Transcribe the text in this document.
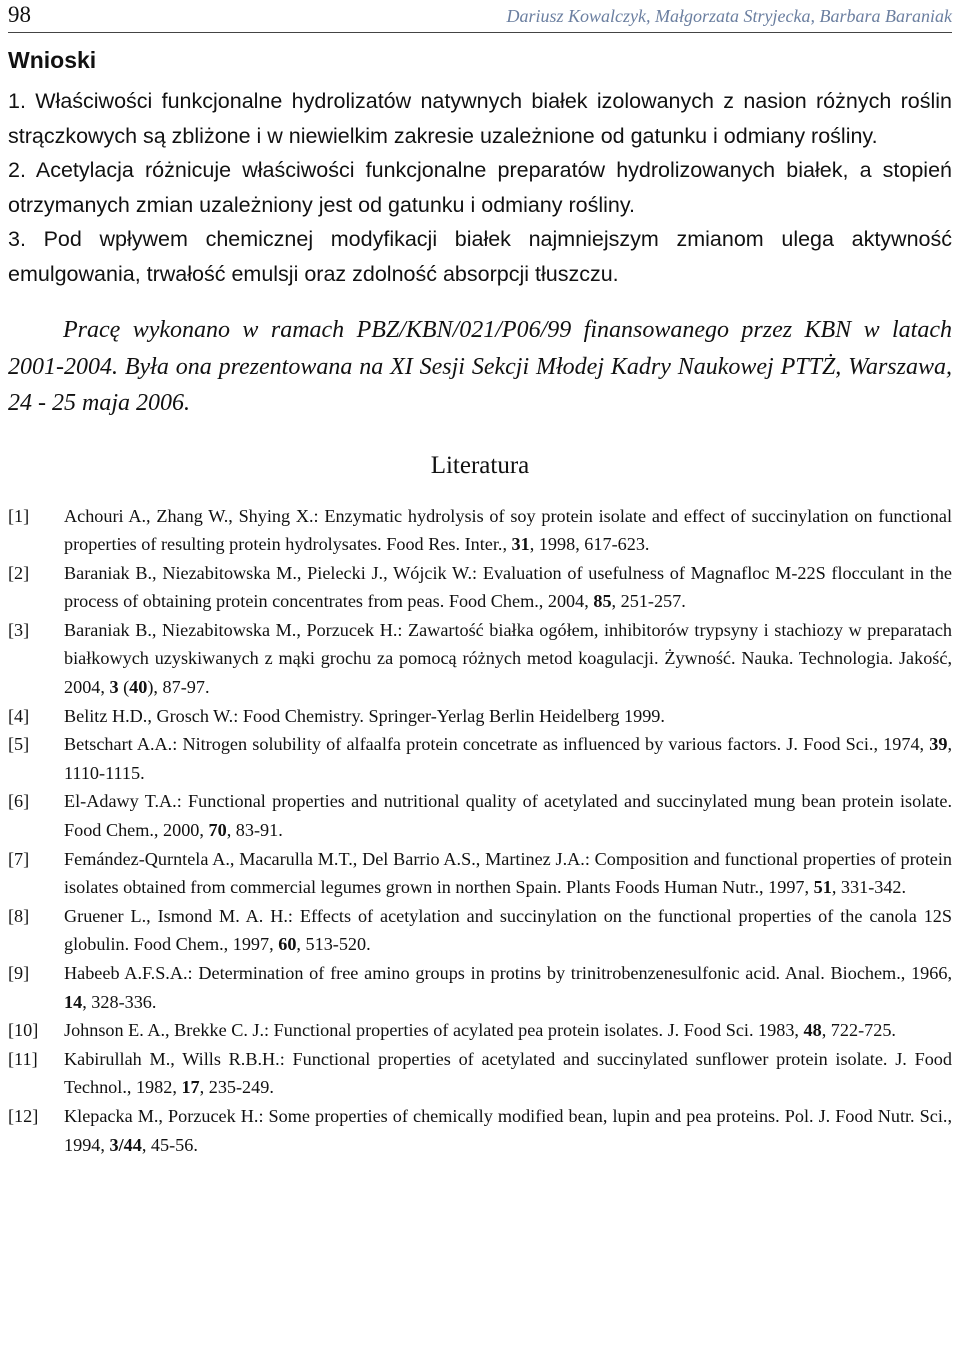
98	Dariusz Kowalczyk, Małgorzata Stryjecka, Barbara Baraniak
Wnioski

1. Właściwości funkcjonalne hydrolizatów natywnych białek izolowanych z nasion różnych roślin strączkowych są zbliżone i w niewielkim zakresie uzależnione od gatunku i odmiany rośliny.

2. Acetylacja różnicuje właściwości funkcjonalne preparatów hydrolizowanych białek, a stopień otrzymanych zmian uzależniony jest od gatunku i odmiany rośliny.

3. Pod wpływem chemicznej modyfikacji białek najmniejszym zmianom ulega aktywność emulgowania, trwałość emulsji oraz zdolność absorpcji tłuszczu.

Pracę wykonano w ramach PBZ/KBN/021/P06/99 finansowanego przez KBN w latach 2001-2004. Była ona prezentowana na XI Sesji Sekcji Młodej Kadry Naukowej PTTŻ, Warszawa, 24 - 25 maja 2006.

Literatura
[1]	Achouri A., Zhang W., Shying X.: Enzymatic hydrolysis of soy protein isolate and effect of succinylation on functional properties of resulting protein hydrolysates. Food Res. Inter., 31, 1998, 617-623.
[2]	Baraniak B., Niezabitowska M., Pielecki J., Wójcik W.: Evaluation of usefulness of Magnafloc M-22S flocculant in the process of obtaining protein concentrates from peas. Food Chem., 2004, 85, 251-257.
[3]	Baraniak B., Niezabitowska M., Porzucek H.: Zawartość białka ogółem, inhibitorów trypsyny i stachiozy w preparatach białkowych uzyskiwanych z mąki grochu za pomocą różnych metod koagulacji. Żywność. Nauka. Technologia. Jakość, 2004, 3 (40), 87-97.
[4]	Belitz H.D., Grosch W.: Food Chemistry. Springer-Yerlag Berlin Heidelberg 1999.
[5]	Betschart A.A.: Nitrogen solubility of alfaalfa protein concetrate as influenced by various factors. J. Food Sci., 1974, 39, 1110-1115.
[6]	El-Adawy T.A.: Functional properties and nutritional quality of acetylated and succinylated mung bean protein isolate. Food Chem., 2000, 70, 83-91.
[7]	Femández-Qurntela A., Macarulla M.T., Del Barrio A.S., Martinez J.A.: Composition and functional properties of protein isolates obtained from commercial legumes grown in northen Spain. Plants Foods Human Nutr., 1997, 51, 331-342.
[8]	Gruener L., Ismond M. A. H.: Effects of acetylation and succinylation on the functional properties of the canola 12S globulin. Food Chem., 1997, 60, 513-520.
[9]	Habeeb A.F.S.A.: Determination of free amino groups in protins by trinitrobenzenesulfonic acid. Anal. Biochem., 1966, 14, 328-336.
[10]	Johnson E. A., Brekke C. J.: Functional properties of acylated pea protein isolates. J. Food Sci. 1983, 48, 722-725.
[11]	Kabirullah M., Wills R.B.H.: Functional properties of acetylated and succinylated sunflower protein isolate. J. Food Technol., 1982, 17, 235-249.
[12]	Klepacka M., Porzucek H.: Some properties of chemically modified bean, lupin and pea proteins. Pol. J. Food Nutr. Sci., 1994, 3/44, 45-56.
